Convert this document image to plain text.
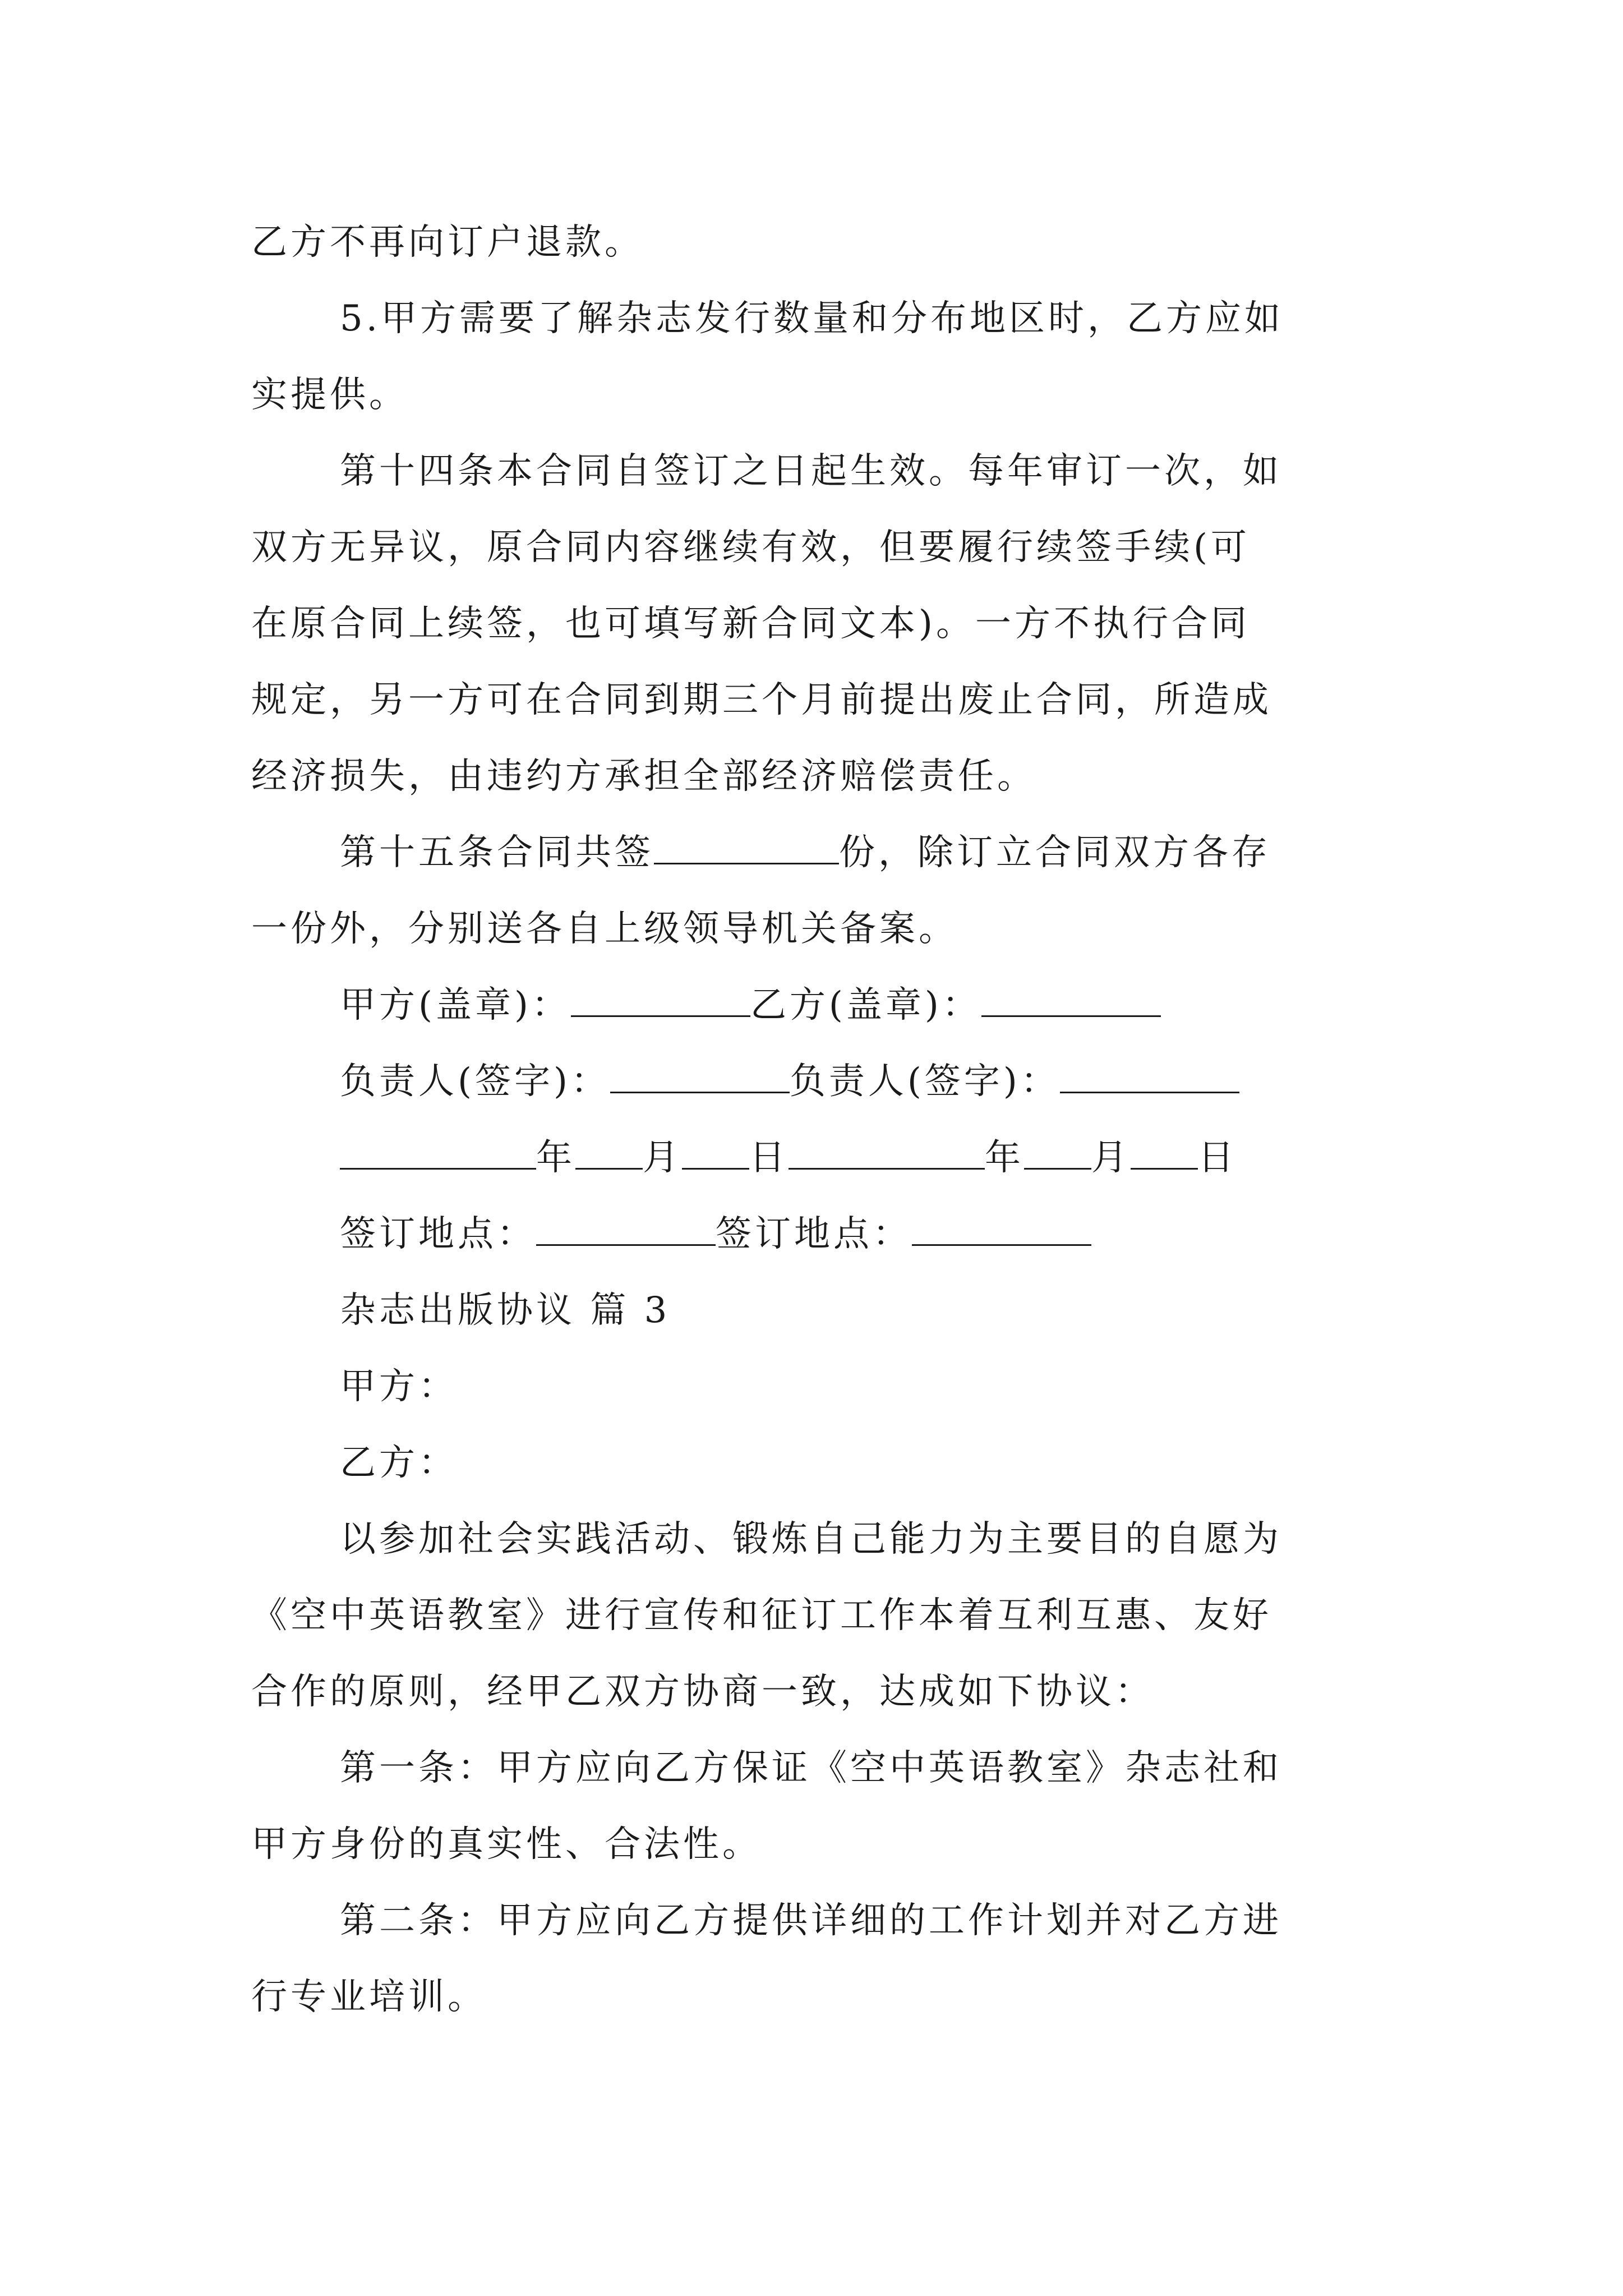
乙方不再向订户退款。
5.甲方需要了解杂志发行数量和分布地区时，乙方应如
实提供。
第十四条本合同自签订之日起生效。每年审订一次，如
双方无异议，原合同内容继续有效，但要履行续签手续(可
在原合同上续签，也可填写新合同文本)。一方不执行合同
规定，另一方可在合同到期三个月前提出废止合同，所造成
经济损失，由违约方承担全部经济赔偿责任。
第十五条合同共签	份，除订立合同双方各存
一份外，分别送各自上级领导机关备案。
甲方(盖章)：	乙方(盖章)：
负责人(签字)：	负责人(签字)：
年 月 日	年 月 日
签订地点：	签订地点：
杂志出版协议 篇 3
甲方：
乙方：
以参加社会实践活动、锻炼自己能力为主要目的自愿为
《空中英语教室》进行宣传和征订工作本着互利互惠、友好
合作的原则，经甲乙双方协商一致，达成如下协议：
第一条：甲方应向乙方保证《空中英语教室》杂志社和
甲方身份的真实性、合法性。
第二条：甲方应向乙方提供详细的工作计划并对乙方进
行专业培训。
